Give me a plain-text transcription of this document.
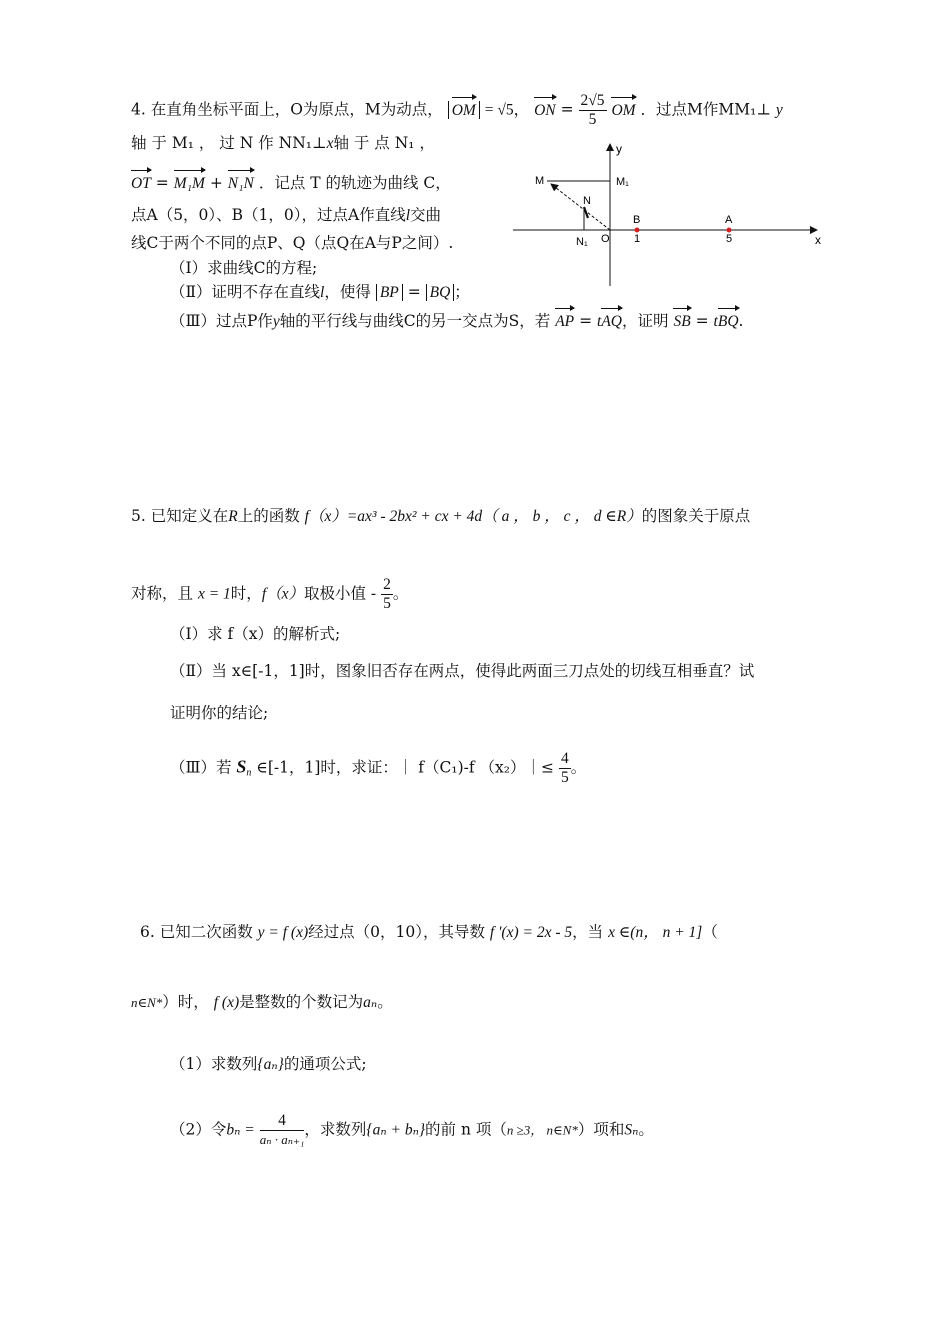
4. 在直角坐标平面上，O为原点，M为动点， OM = √5， ON = $\frac{2√5}{5}$ OM ．过点M作MM₁⊥ y
轴 于 M₁ ， 过 N 作 NN₁⊥x轴 于 点 N₁ ，
OT = M₁M + N₁N ．记点 T 的轨迹为曲线 C，
点A（5，0）、B（1，0），过点A作直线l交曲
线C于两个不同的点P、Q（点Q在A与P之间）.
（Ⅰ）求曲线C的方程;
（Ⅱ）证明不存在直线l，使得 BP = BQ ；
（Ⅲ）过点P作y轴的平行线与曲线C的另一交点为S，若 AP = tAQ，证明 SB = tBQ.
y
x
O
M	M₁
N
N₁
B	A
1	5
5. 已知定义在R上的函数 f（x）=ax³ - 2bx² + cx + 4d（ a ， b ， c ， d ∈R）的图象关于原点
对称，且 x = 1时，f（x）取极小值 - $\frac{2}{5}$ 。
（Ⅰ）求 f（x）的解析式;
（Ⅱ）当 x∈[-1，1]时，图象旧否存在两点，使得此两面三刀点处的切线互相垂直？试
证明你的结论;
（Ⅲ）若 $S_n$ ∈[-1，1]时，求证：｜ f（C₁)-f （x₂）｜≤ $\frac{4}{5}$ 。
6. 已知二次函数 y = f (x)经过点（0，10），其导数 f '(x) = 2x - 5，当 x ∈(n， n + 1]（
n∈N*）时， f (x)是整数的个数记为aₙ。
（1）求数列{aₙ}的通项公式;
（2）令$b_n = \frac{4}{\text{aₙ · aₙ₊₁}}$ ，求数列{aₙ + bₙ}的前 n 项（n ≥3， n∈N*）项和Sₙ。
